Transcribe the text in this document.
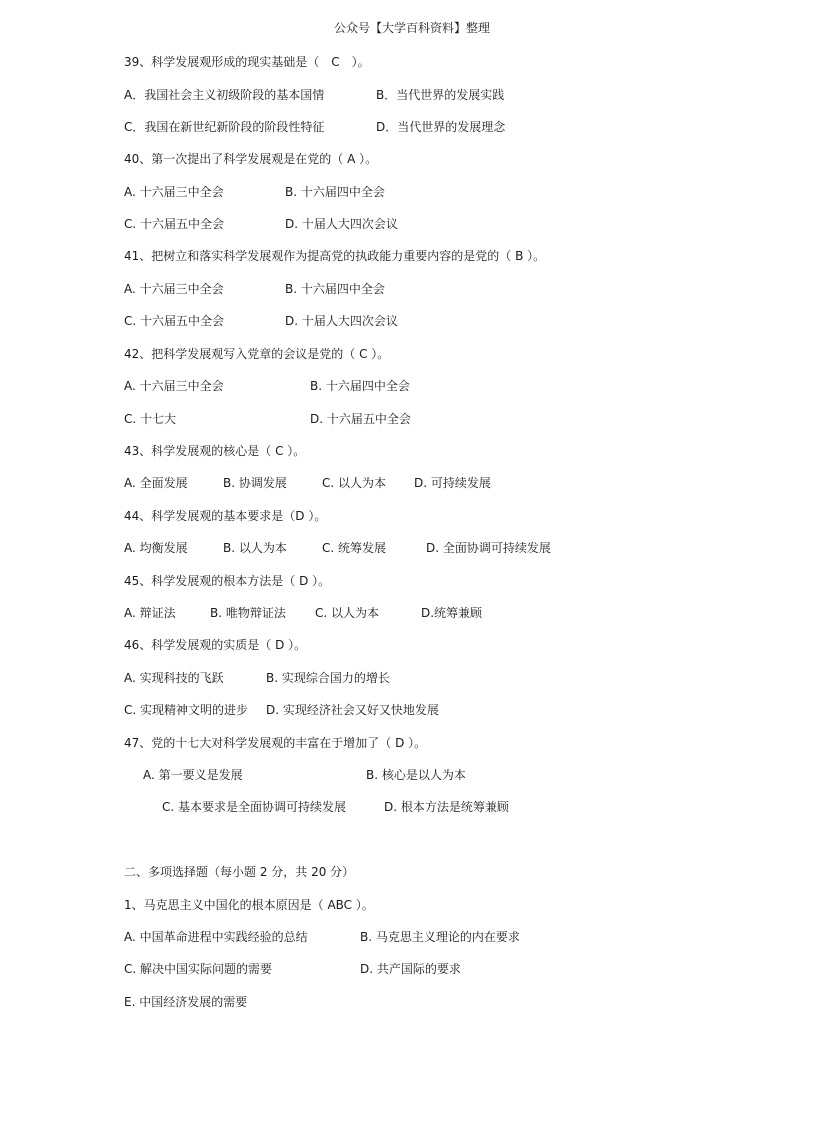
公众号【大学百科资料】整理
39、科学发展观形成的现实基础是（　C　）。
A．我国社会主义初级阶段的基本国情	B．当代世界的发展实践
C．我国在新世纪新阶段的阶段性特征	D．当代世界的发展理念
40、第一次提出了科学发展观是在党的（ A ）。
A. 十六届三中全会	B. 十六届四中全会
C. 十六届五中全会	D. 十届人大四次会议
41、把树立和落实科学发展观作为提高党的执政能力重要内容的是党的（ B ）。
A. 十六届三中全会	B. 十六届四中全会
C. 十六届五中全会	D. 十届人大四次会议
42、把科学发展观写入党章的会议是党的（ C ）。
A. 十六届三中全会	B. 十六届四中全会
C. 十七大	D. 十六届五中全会
43、科学发展观的核心是（ C ）。
A. 全面发展	B. 协调发展	C. 以人为本 D. 可持续发展
44、科学发展观的基本要求是（D ）。
A. 均衡发展	B. 以人为本	C. 统筹发展	D. 全面协调可持续发展
45、科学发展观的根本方法是（ D ）。
A. 辩证法	B. 唯物辩证法 C. 以人为本	D.统筹兼顾
46、科学发展观的实质是（ D ）。
A. 实现科技的飞跃	B. 实现综合国力的增长
C. 实现精神文明的进步 D. 实现经济社会又好又快地发展
47、党的十七大对科学发展观的丰富在于增加了（ D ）。
A. 第一要义是发展	B. 核心是以人为本
C. 基本要求是全面协调可持续发展	D. 根本方法是统筹兼顾
二、多项选择题（每小题 2 分，共 20 分）
1、马克思主义中国化的根本原因是（ ABC ）。
A. 中国革命进程中实践经验的总结	B. 马克思主义理论的内在要求
C. 解决中国实际问题的需要	D. 共产国际的要求
E. 中国经济发展的需要
